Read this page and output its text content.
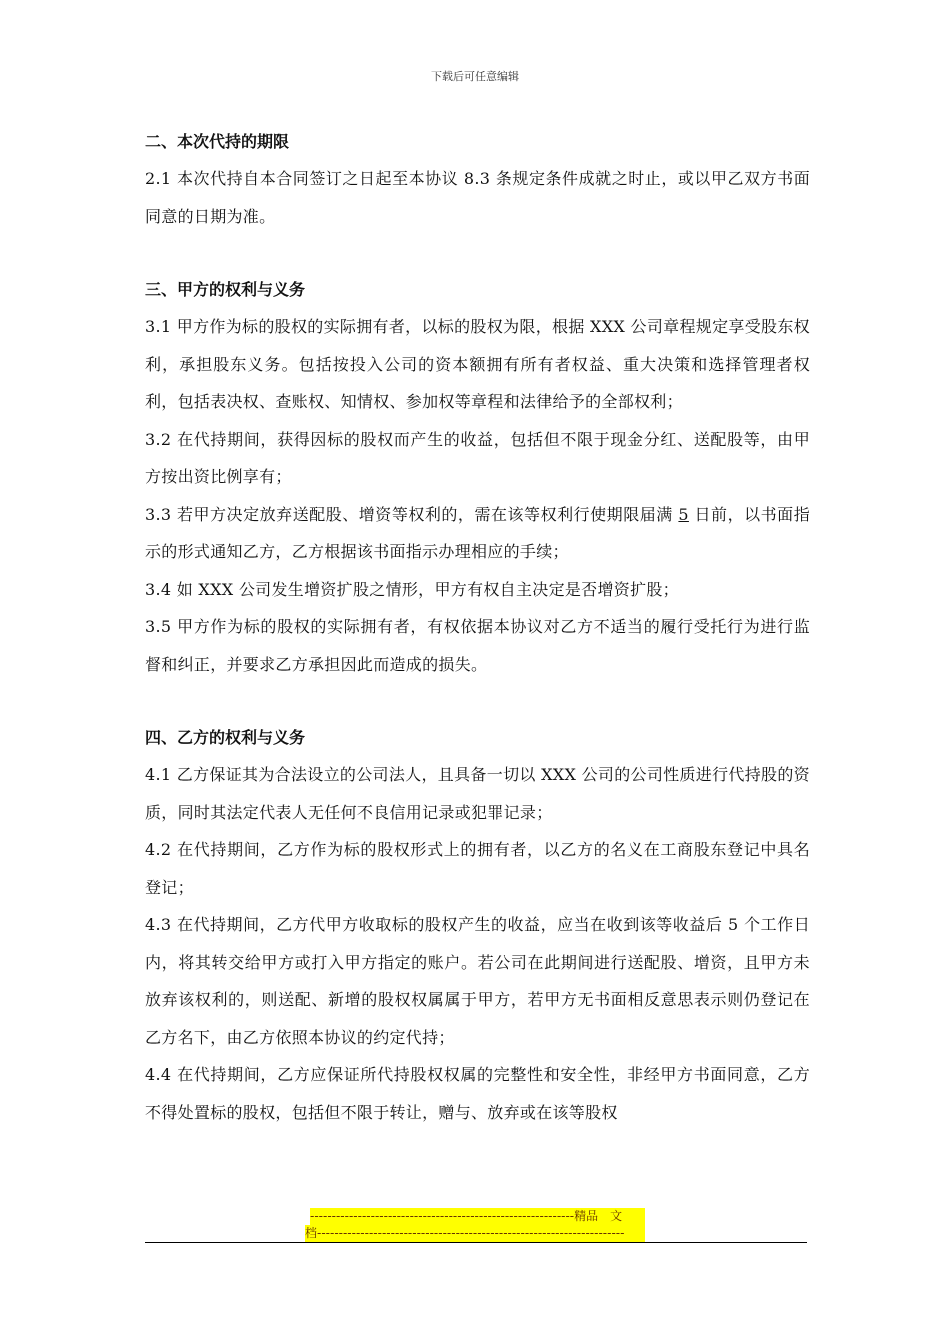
下载后可任意编辑
二、本次代持的期限
2.1 本次代持自本合同签订之日起至本协议 8.3 条规定条件成就之时止，或以甲乙双方书面同意的日期为准。
三、甲方的权利与义务
3.1 甲方作为标的股权的实际拥有者，以标的股权为限，根据 XXX 公司章程规定享受股东权利，承担股东义务。包括按投入公司的资本额拥有所有者权益、重大决策和选择管理者权利，包括表决权、查账权、知情权、参加权等章程和法律给予的全部权利；
3.2 在代持期间，获得因标的股权而产生的收益，包括但不限于现金分红、送配股等，由甲方按出资比例享有；
3.3 若甲方决定放弃送配股、增资等权利的，需在该等权利行使期限届满 5 日前，以书面指示的形式通知乙方，乙方根据该书面指示办理相应的手续；
3.4 如 XXX 公司发生增资扩股之情形，甲方有权自主决定是否增资扩股；
3.5 甲方作为标的股权的实际拥有者，有权依据本协议对乙方不适当的履行受托行为进行监督和纠正，并要求乙方承担因此而造成的损失。
四、乙方的权利与义务
4.1 乙方保证其为合法设立的公司法人，且具备一切以 XXX 公司的公司性质进行代持股的资质，同时其法定代表人无任何不良信用记录或犯罪记录；
4.2 在代持期间，乙方作为标的股权形式上的拥有者，以乙方的名义在工商股东登记中具名登记；
4.3 在代持期间，乙方代甲方收取标的股权产生的收益，应当在收到该等收益后 5 个工作日内，将其转交给甲方或打入甲方指定的账户。若公司在此期间进行送配股、增资，且甲方未放弃该权利的，则送配、新增的股权权属属于甲方，若甲方无书面相反意思表示则仍登记在乙方名下，由乙方依照本协议的约定代持；
4.4 在代持期间，乙方应保证所代持股权权属的完整性和安全性，非经甲方书面同意，乙方不得处置标的股权，包括但不限于转让，赠与、放弃或在该等股权
-------------------------------------------------------------精品　文
档-----------------------------------------------------------------------
